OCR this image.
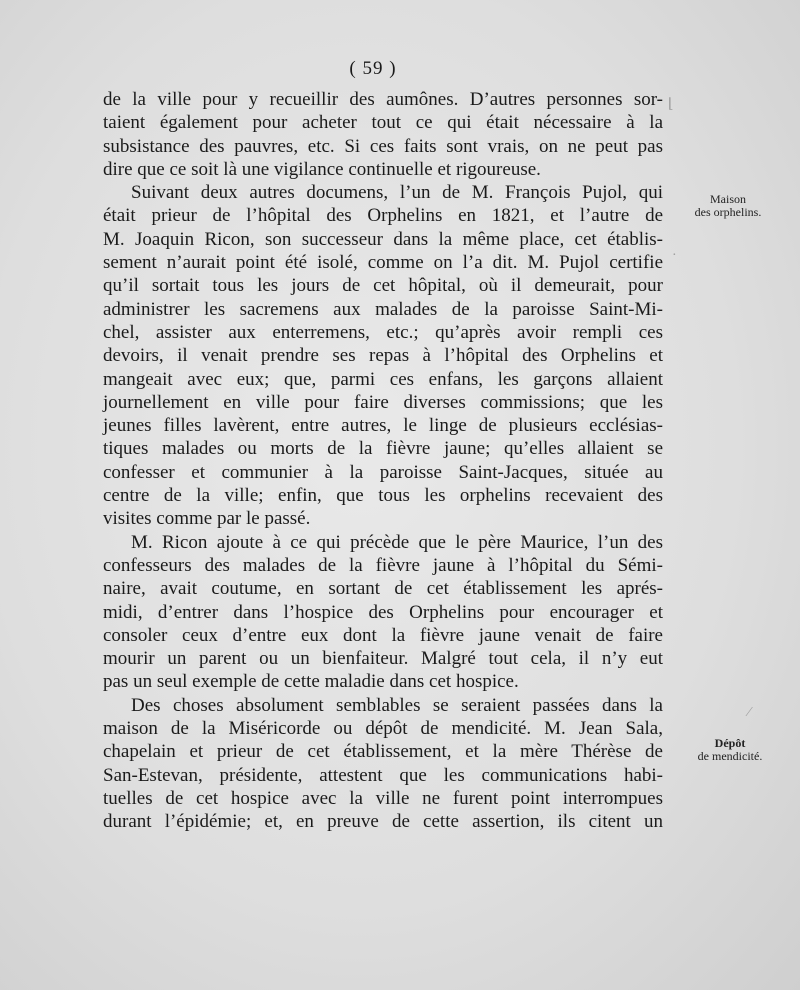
( 59 )
de la ville pour y recueillir des aumônes. D’autres personnes sor-
taient également pour acheter tout ce qui était nécessaire à la
subsistance des pauvres, etc. Si ces faits sont vrais, on ne peut pas
dire que ce soit là une vigilance continuelle et rigoureuse.
Suivant deux autres documens, l’un de M. François Pujol, qui
était prieur de l’hôpital des Orphelins en 1821, et l’autre de
M. Joaquin Ricon, son successeur dans la même place, cet établis-
sement n’aurait point été isolé, comme on l’a dit. M. Pujol certifie
qu’il sortait tous les jours de cet hôpital, où il demeurait, pour
administrer les sacremens aux malades de la paroisse Saint-Mi-
chel, assister aux enterremens, etc.; qu’après avoir rempli ces
devoirs, il venait prendre ses repas à l’hôpital des Orphelins et
mangeait avec eux; que, parmi ces enfans, les garçons allaient
journellement en ville pour faire diverses commissions; que les
jeunes filles lavèrent, entre autres, le linge de plusieurs ecclésias-
tiques malades ou morts de la fièvre jaune; qu’elles allaient se
confesser et communier à la paroisse Saint-Jacques, située au
centre de la ville; enfin, que tous les orphelins recevaient des
visites comme par le passé.
M. Ricon ajoute à ce qui précède que le père Maurice, l’un des
confesseurs des malades de la fièvre jaune à l’hôpital du Sémi-
naire, avait coutume, en sortant de cet établissement les aprés-
midi, d’entrer dans l’hospice des Orphelins pour encourager et
consoler ceux d’entre eux dont la fièvre jaune venait de faire
mourir un parent ou un bienfaiteur. Malgré tout cela, il n’y eut
pas un seul exemple de cette maladie dans cet hospice.
Des choses absolument semblables se seraient passées dans la
maison de la Miséricorde ou dépôt de mendicité. M. Jean Sala,
chapelain et prieur de cet établissement, et la mère Thérèse de
San-Estevan, présidente, attestent que les communications habi-
tuelles de cet hospice avec la ville ne furent point interrompues
durant l’épidémie; et, en preuve de cette assertion, ils citent un
Maison
des orphelins.
Dépôt
de mendicité.
⌊
·
⁄
